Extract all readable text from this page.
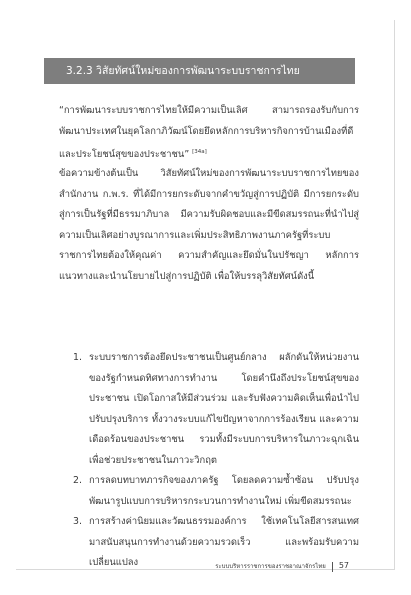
3.2.3 วิสัยทัศน์ใหม่ของการพัฒนาระบบราชการไทย

“การพัฒนาระบบราชการไทยให้มีความเป็นเลิศ สามารถรองรับกับการพัฒนาประเทศในยุคโลกาภิวัฒน์โดยยึดหลักการบริหารกิจการบ้านเมืองที่ดีและประโยชน์สุขของประชาชน” [34a]

ข้อความข้างต้นเป็น วิสัยทัศน์ใหม่ของการพัฒนาระบบราชการไทยของสำนักงาน ก.พ.ร. ที่ได้มีการยกระดับจากคำขวัญสู่การปฏิบัติ มีการยกระดับสู่การเป็นรัฐที่มีธรรมาภิบาล มีความรับผิดชอบและมีขีดสมรรถนะที่นำไปสู่ความเป็นเลิศอย่างบูรณาการและเพิ่มประสิทธิภาพงานภาครัฐที่ระบบราชการไทยต้องให้คุณค่า ความสำคัญและยึดมั่นในปรัชญา หลักการ แนวทางและนำนโยบายไปสู่การปฏิบัติ เพื่อให้บรรลุวิสัยทัศน์ดังนี้

1. ระบบราชการต้องยึดประชาชนเป็นศูนย์กลาง ผลักดันให้หน่วยงานของรัฐกำหนดทิศทางการทำงาน โดยคำนึงถึงประโยชน์สุขของประชาชน เปิดโอกาสให้มีส่วนร่วม และรับฟังความคิดเห็นเพื่อนำไปปรับปรุงบริการ ทั้งวางระบบแก้ไขปัญหาจากการร้องเรียน และความเดือดร้อนของประชาชน รวมทั้งมีระบบการบริหารในภาวะฉุกเฉินเพื่อช่วยประชาชนในภาวะวิกฤต
2. การลดบทบาทภารกิจของภาครัฐ โดยลดความซ้ำซ้อน ปรับปรุงพัฒนารูปแบบการบริหารกระบวนการทำงานใหม่ เพิ่มขีดสมรรถนะ
3. การสร้างค่านิยมและวัฒนธรรมองค์การ ใช้เทคโนโลยีสารสนเทศมาสนับสนุนการทำงานด้วยความรวดเร็ว และพร้อมรับความเปลี่ยนแปลง	ระบบบริหารราชการของราชอาณาจักรไทย 57
